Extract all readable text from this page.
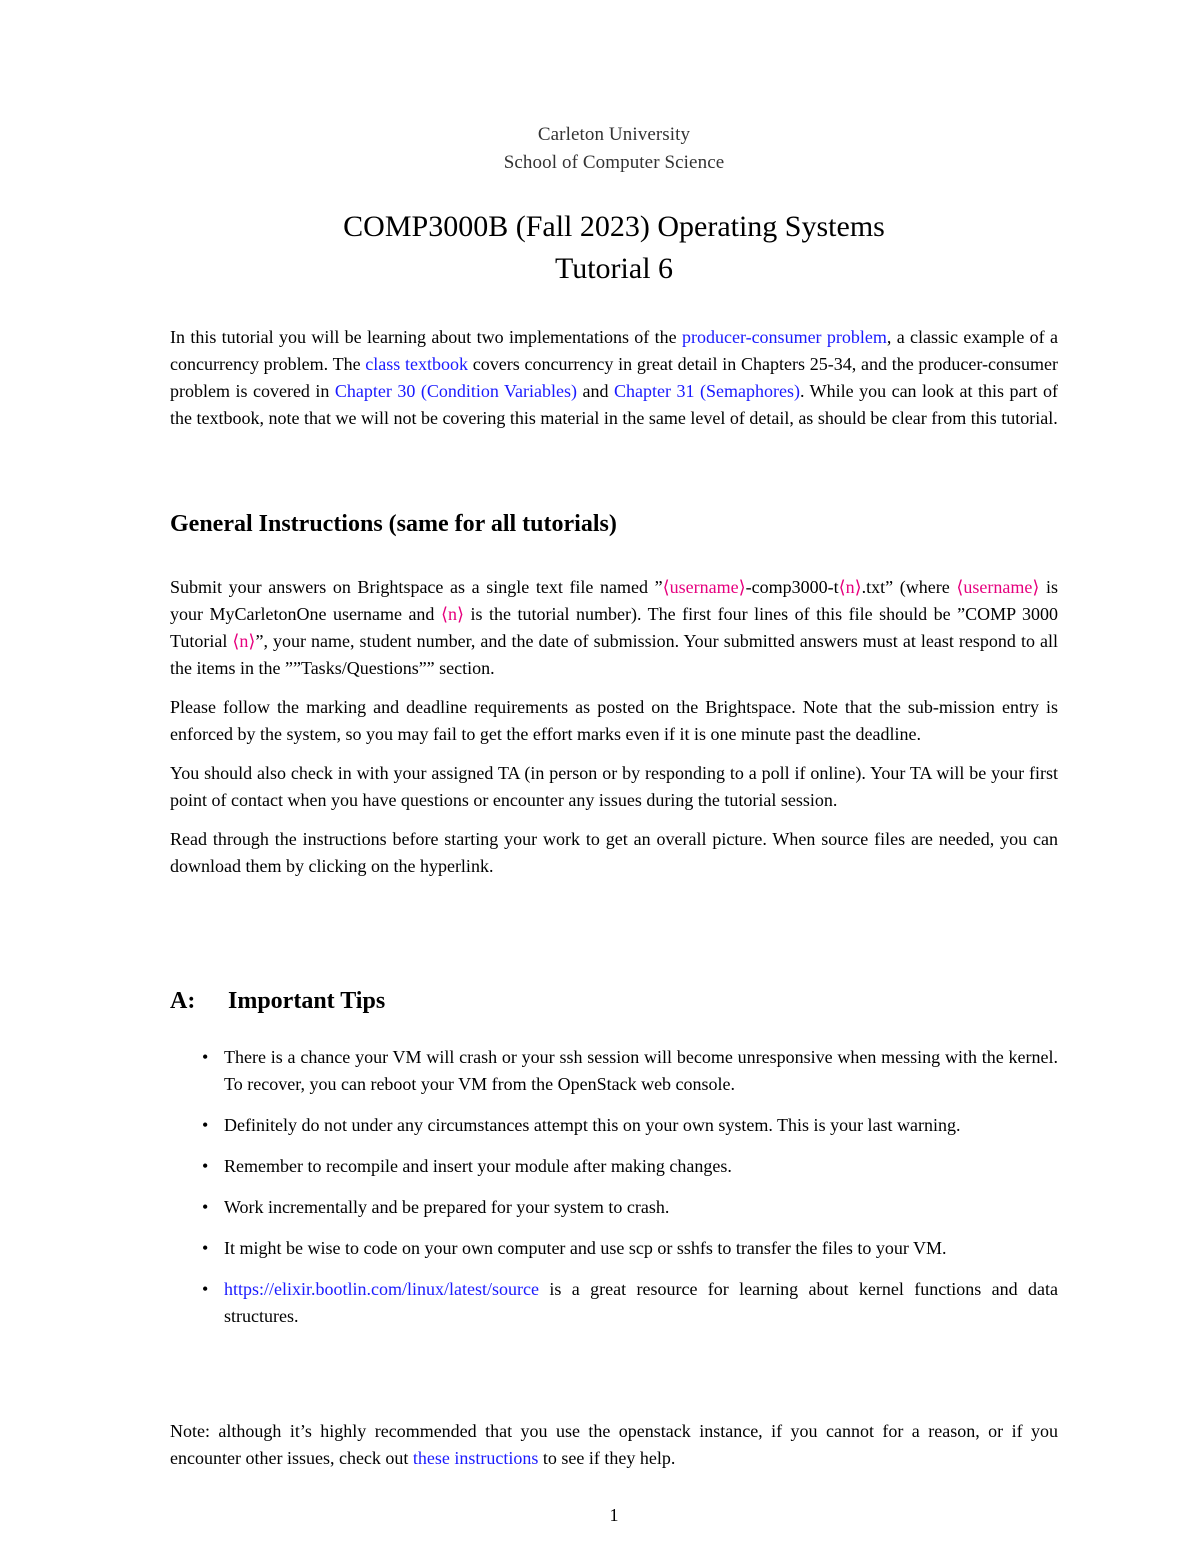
Carleton University
School of Computer Science
COMP3000B (Fall 2023) Operating Systems
Tutorial 6

In this tutorial you will be learning about two implementations of the producer-consumer problem, a classic example of a concurrency problem. The class textbook covers concurrency in great detail in Chapters 25-34, and the producer-consumer problem is covered in Chapter 30 (Condition Variables) and Chapter 31 (Semaphores). While you can look at this part of the textbook, note that we will not be covering this material in the same level of detail, as should be clear from this tutorial.

General Instructions (same for all tutorials)

Submit your answers on Brightspace as a single text file named ”⟨username⟩-comp3000-t⟨n⟩.txt” (where ⟨username⟩ is your MyCarletonOne username and ⟨n⟩ is the tutorial number). The first four lines of this file should be ”COMP 3000 Tutorial ⟨n⟩”, your name, student number, and the date of submission. Your submitted answers must at least respond to all the items in the ””Tasks/Questions”” section.

Please follow the marking and deadline requirements as posted on the Brightspace. Note that the sub-mission entry is enforced by the system, so you may fail to get the effort marks even if it is one minute past the deadline.

You should also check in with your assigned TA (in person or by responding to a poll if online). Your TA will be your first point of contact when you have questions or encounter any issues during the tutorial session.

Read through the instructions before starting your work to get an overall picture. When source files are needed, you can download them by clicking on the hyperlink.

A: Important Tips
• There is a chance your VM will crash or your ssh session will become unresponsive when messing with the kernel. To recover, you can reboot your VM from the OpenStack web console.
• Definitely do not under any circumstances attempt this on your own system. This is your last warning.
• Remember to recompile and insert your module after making changes.
• Work incrementally and be prepared for your system to crash.
• It might be wise to code on your own computer and use scp or sshfs to transfer the files to your VM.
• https://elixir.bootlin.com/linux/latest/source is a great resource for learning about kernel functions and data structures.

Note: although it’s highly recommended that you use the openstack instance, if you cannot for a reason, or if you encounter other issues, check out these instructions to see if they help.

1
